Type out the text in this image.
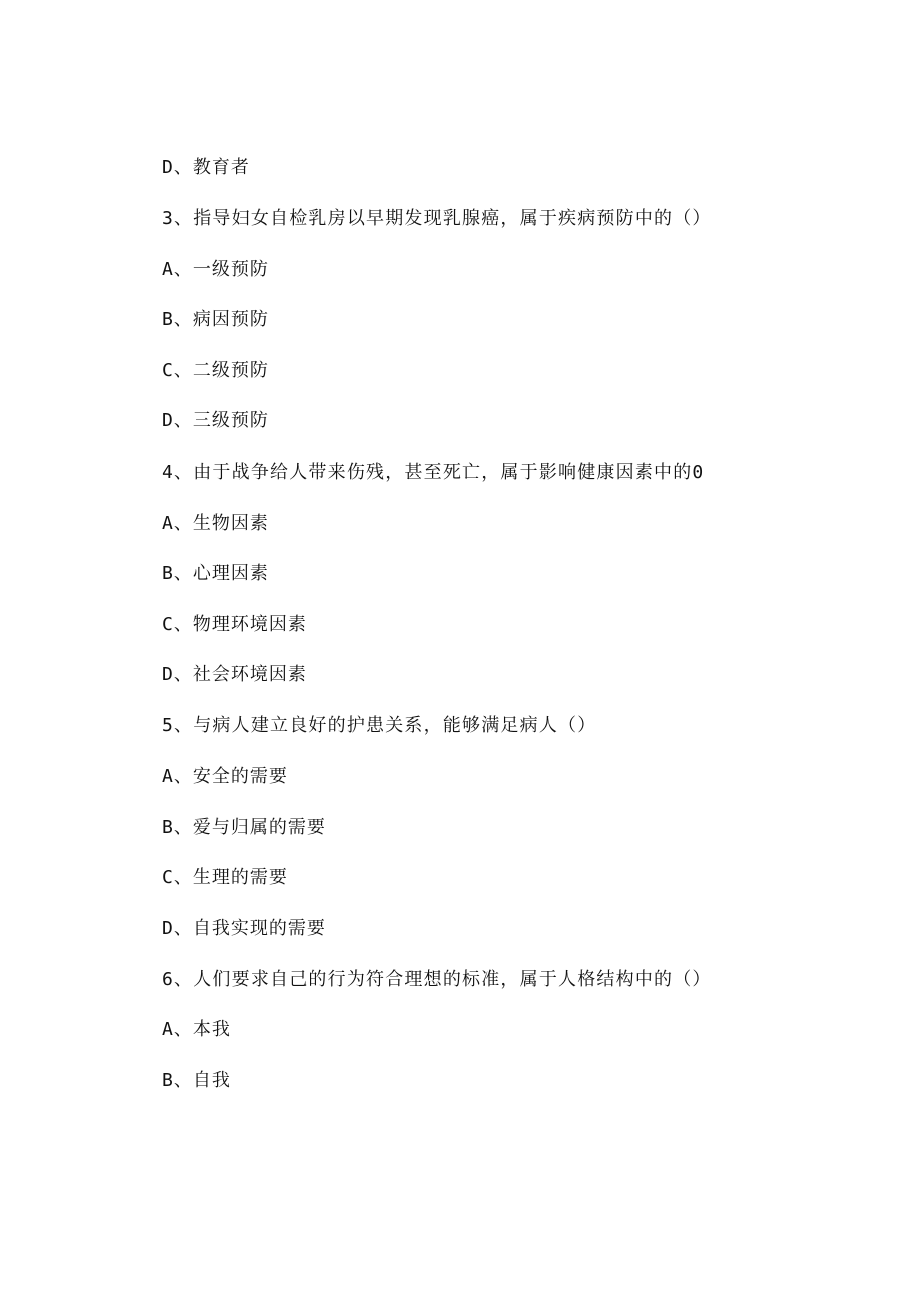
D、教育者
3、指导妇女自检乳房以早期发现乳腺癌，属于疾病预防中的（）
A、一级预防
B、病因预防
C、二级预防
D、三级预防
4、由于战争给人带来伤残，甚至死亡，属于影响健康因素中的0
A、生物因素
B、心理因素
C、物理环境因素
D、社会环境因素
5、与病人建立良好的护患关系，能够满足病人（）
A、安全的需要
B、爱与归属的需要
C、生理的需要
D、自我实现的需要
6、人们要求自己的行为符合理想的标准，属于人格结构中的（）
A、本我
B、自我
